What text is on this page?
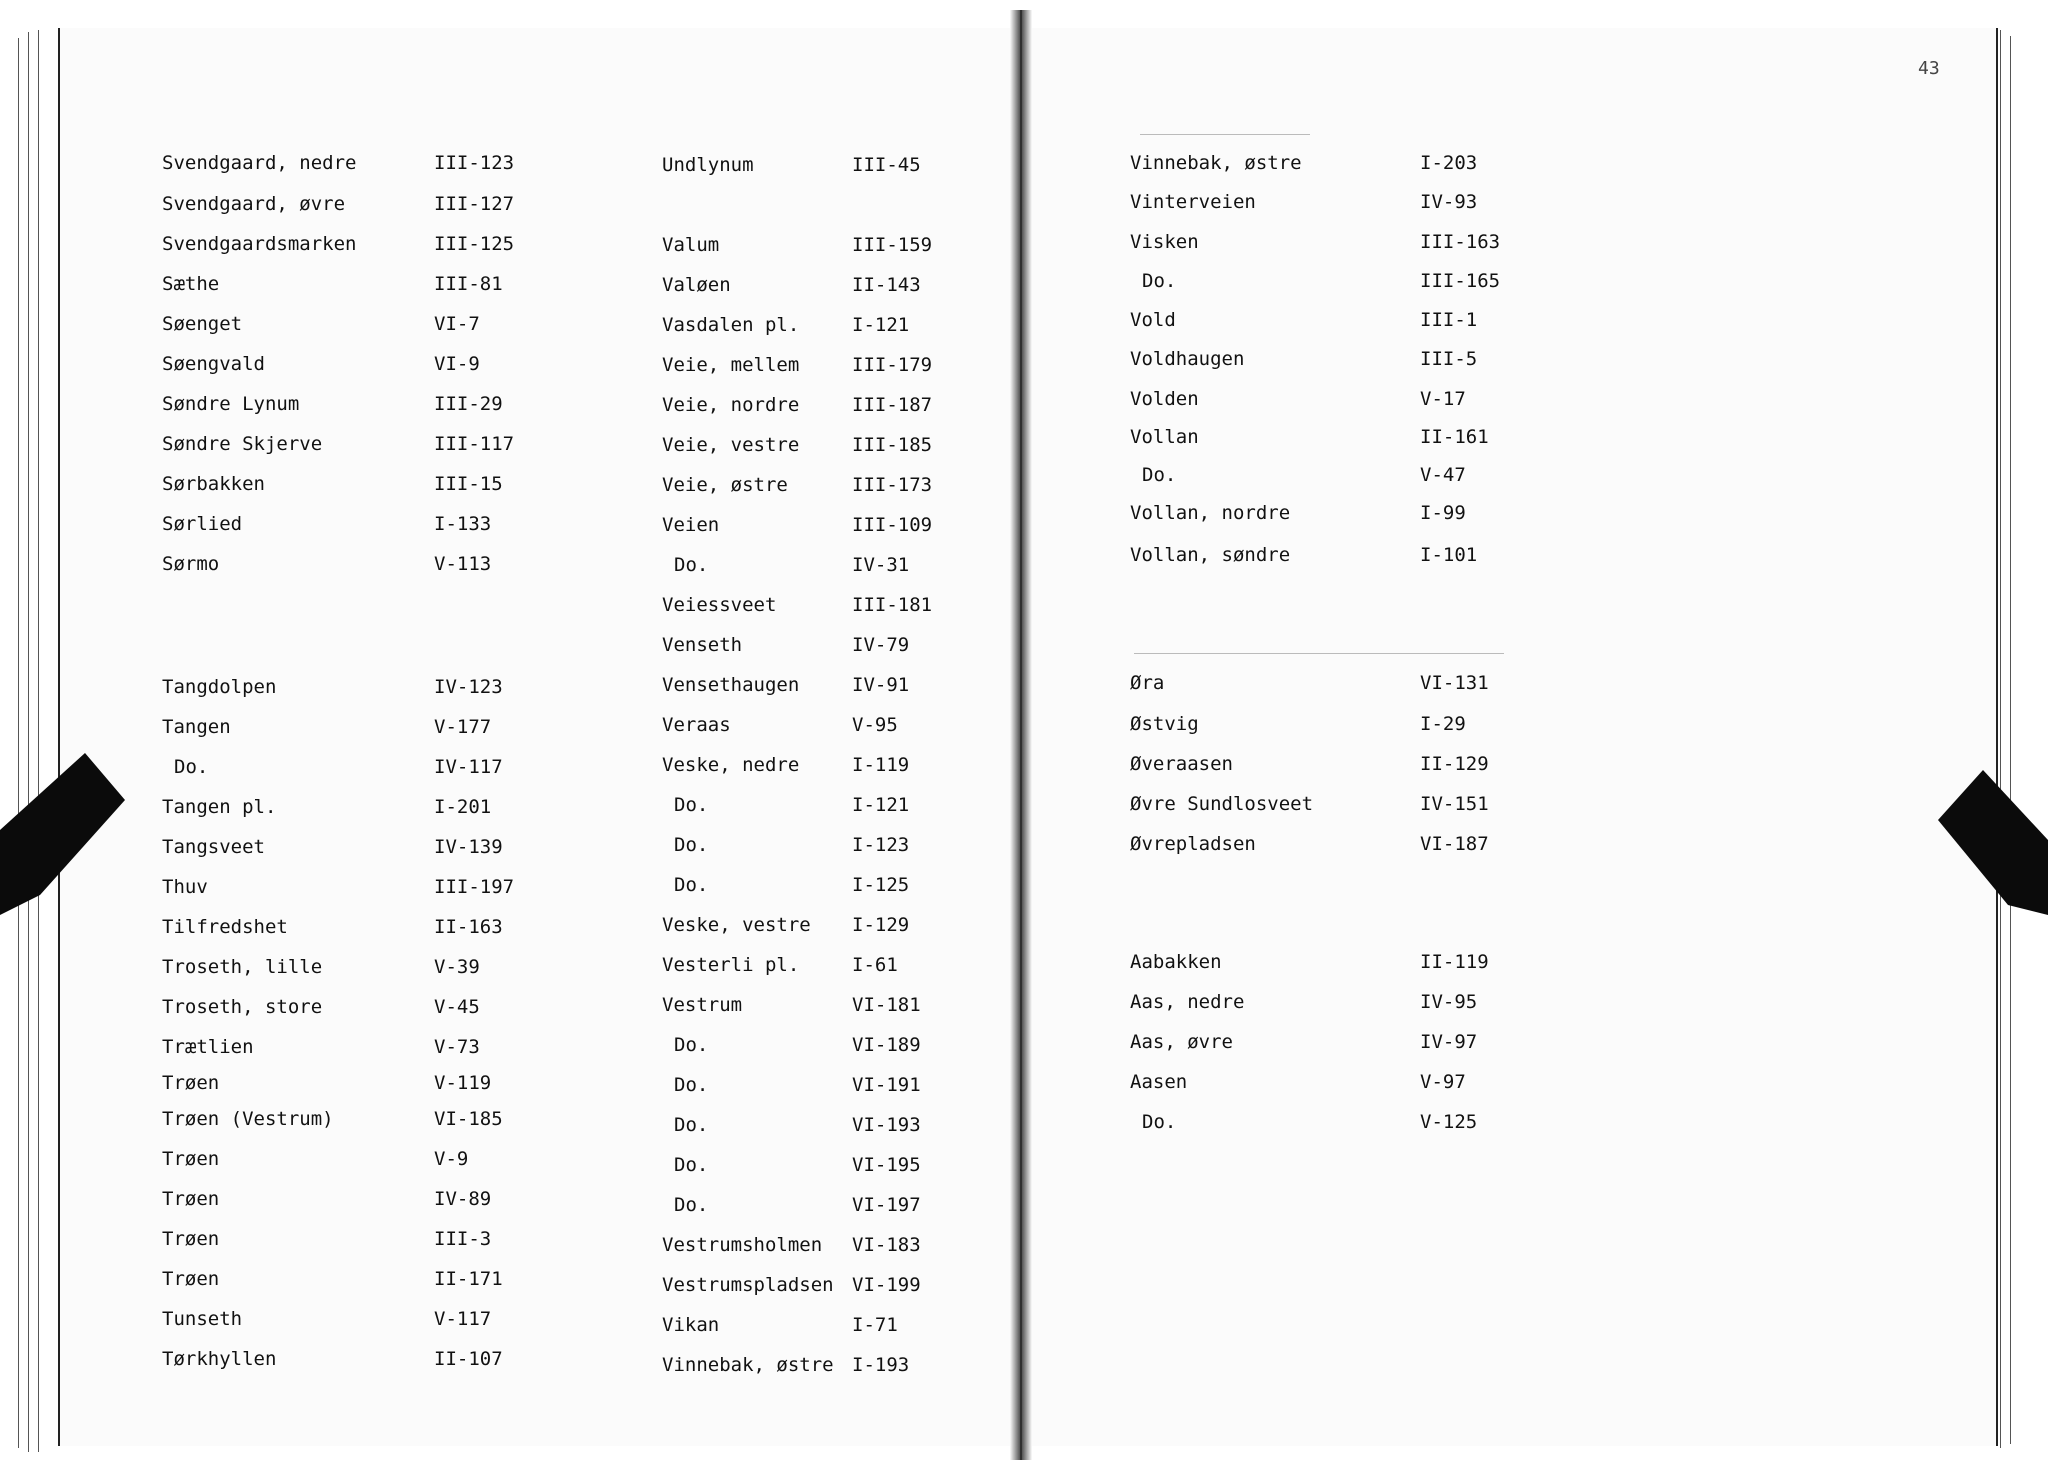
43
Svendgaard, nedre	III-123
Svendgaard, øvre	III-127
Svendgaardsmarken	III-125
Sæthe	III-81
Søenget	VI-7
Søengvald	VI-9
Søndre Lynum	III-29
Søndre Skjerve	III-117
Sørbakken	III-15
Sørlied	I-133
Sørmo	V-113
Tangdolpen	IV-123
Tangen	V-177
Do.	IV-117
Tangen pl.	I-201
Tangsveet	IV-139
Thuv	III-197
Tilfredshet	II-163
Troseth, lille	V-39
Troseth, store	V-45
Trætlien	V-73
Trøen	V-119
Trøen (Vestrum)	VI-185
Trøen	V-9
Trøen	IV-89
Trøen	III-3
Trøen	II-171
Tunseth	V-117
Tørkhyllen	II-107
Undlynum	III-45
Valum	III-159
Valøen	II-143
Vasdalen pl.	I-121
Veie, mellem	III-179
Veie, nordre	III-187
Veie, vestre	III-185
Veie, østre	III-173
Veien	III-109
Do.	IV-31
Veiessveet	III-181
Venseth	IV-79
Vensethaugen	IV-91
Veraas	V-95
Veske, nedre	I-119
Do.	I-121
Do.	I-123
Do.	I-125
Veske, vestre I-129
Vesterli pl.	I-61
Vestrum	VI-181
Do.	VI-189
Do.	VI-191
Do.	VI-193
Do.	VI-195
Do.	VI-197
Vestrumsholmen VI-183
Vestrumspladsen VI-199
Vikan	I-71
Vinnebak, østre I-193
Vinnebak, østre	I-203
Vinterveien	IV-93
Visken	III-163
Do.	III-165
Vold	III-1
Voldhaugen	III-5
Volden	V-17
Vollan	II-161
Do.	V-47
Vollan, nordre	I-99
Vollan, søndre	I-101
Øra	VI-131
Østvig	I-29
Øveraasen	II-129
Øvre Sundlosveet	IV-151
Øvrepladsen	VI-187
Aabakken	II-119
Aas, nedre	IV-95
Aas, øvre	IV-97
Aasen	V-97
Do.	V-125
